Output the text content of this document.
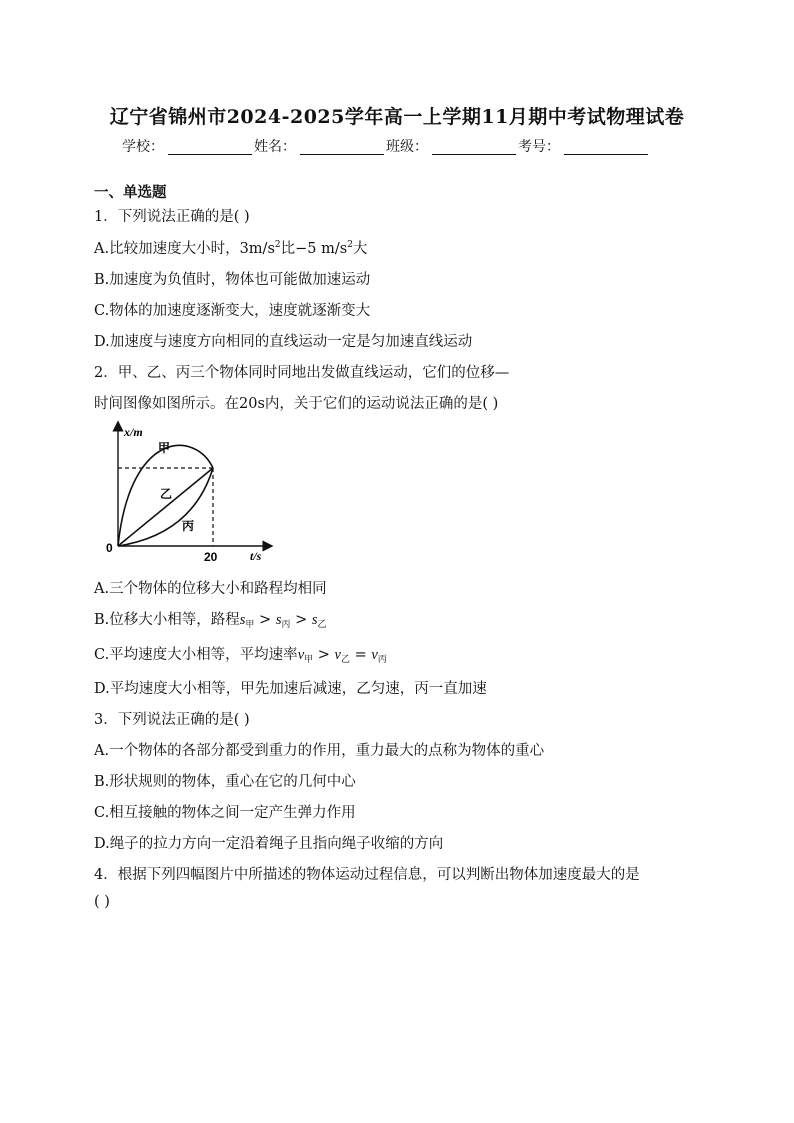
辽宁省锦州市2024-2025学年高一上学期11月期中考试物理试卷
学校：	姓名：	班级：	考号：
一、单选题
1．下列说法正确的是( )
A.比较加速度大小时，$3m/s^2$比−5 $m/s^2$大
B.加速度为负值时，物体也可能做加速运动
C.物体的加速度逐渐变大，速度就逐渐变大
D.加速度与速度方向相同的直线运动一定是匀加速直线运动
2．甲、乙、丙三个物体同时同地出发做直线运动，它们的位移—
时间图像如图所示。在20s内，关于它们的运动说法正确的是( )
x/m
t/s
0
20
甲
乙
丙
A.三个物体的位移大小和路程均相同
B.位移大小相等，路程$s_甲 > s_丙 > s_乙$
C.平均速度大小相等，平均速率$v_甲 > v_乙 = v_丙$
D.平均速度大小相等，甲先加速后减速，乙匀速，丙一直加速
3．下列说法正确的是( )
A.一个物体的各部分都受到重力的作用，重力最大的点称为物体的重心
B.形状规则的物体，重心在它的几何中心
C.相互接触的物体之间一定产生弹力作用
D.绳子的拉力方向一定沿着绳子且指向绳子收缩的方向
4．根据下列四幅图片中所描述的物体运动过程信息，可以判断出物体加速度最大的是
( )
